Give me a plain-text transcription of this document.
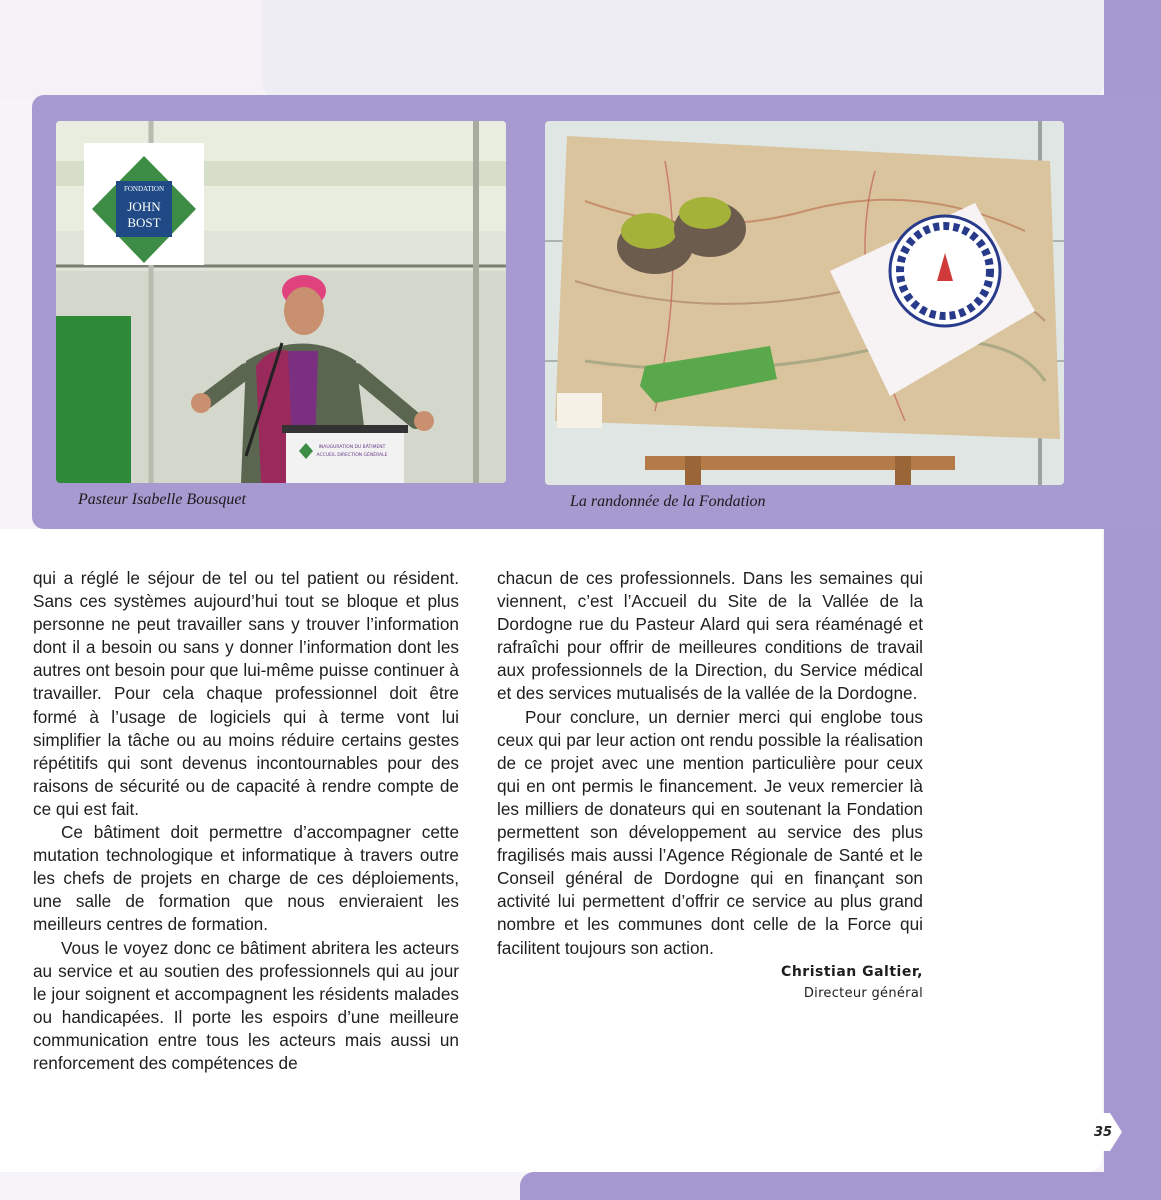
FONDATION
JOHN
BOST
INAUGURATION DU BÂTIMENT
ACCUEIL DIRECTION GÉNÉRALE
Pasteur Isabelle Bousquet	La randonnée de la Fondation

qui a réglé le séjour de tel ou tel patient ou résident. Sans ces systèmes aujourd’hui tout se bloque et plus personne ne peut travailler sans y trouver l’information dont il a besoin ou sans y donner l’information dont les autres ont besoin pour que lui-même puisse continuer à travailler. Pour cela chaque professionnel doit être formé à l’usage de logiciels qui à terme vont lui simplifier la tâche ou au moins réduire certains gestes répétitifs qui sont devenus incontournables pour des raisons de sécurité ou de capacité à rendre compte de ce qui est fait.

Ce bâtiment doit permettre d’accompagner cette mutation technologique et informatique à travers outre les chefs de projets en charge de ces déploiements, une salle de formation que nous envieraient les meilleurs centres de formation.

Vous le voyez donc ce bâtiment abritera les acteurs au service et au soutien des professionnels qui au jour le jour soignent et accompagnent les résidents malades ou handicapées. Il porte les espoirs d’une meilleure communication entre tous les acteurs mais aussi un renforcement des compétences de

chacun de ces professionnels. Dans les semaines qui viennent, c’est l’Accueil du Site de la Vallée de la Dordogne rue du Pasteur Alard qui sera réaménagé et rafraîchi pour offrir de meilleures conditions de travail aux professionnels de la Direction, du Service médical et des services mutualisés de la vallée de la Dordogne.

Pour conclure, un dernier merci qui englobe tous ceux qui par leur action ont rendu possible la réalisation de ce projet avec une mention particulière pour ceux qui en ont permis le financement. Je veux remercier là les milliers de donateurs qui en soutenant la Fondation permettent son développement au service des plus fragilisés mais aussi l’Agence Régionale de Santé et le Conseil général de Dordogne qui en finançant son activité lui permettent d’offrir ce service au plus grand nombre et les communes dont celle de la Force qui facilitent toujours son action.

Christian Galtier,
Directeur général
35
